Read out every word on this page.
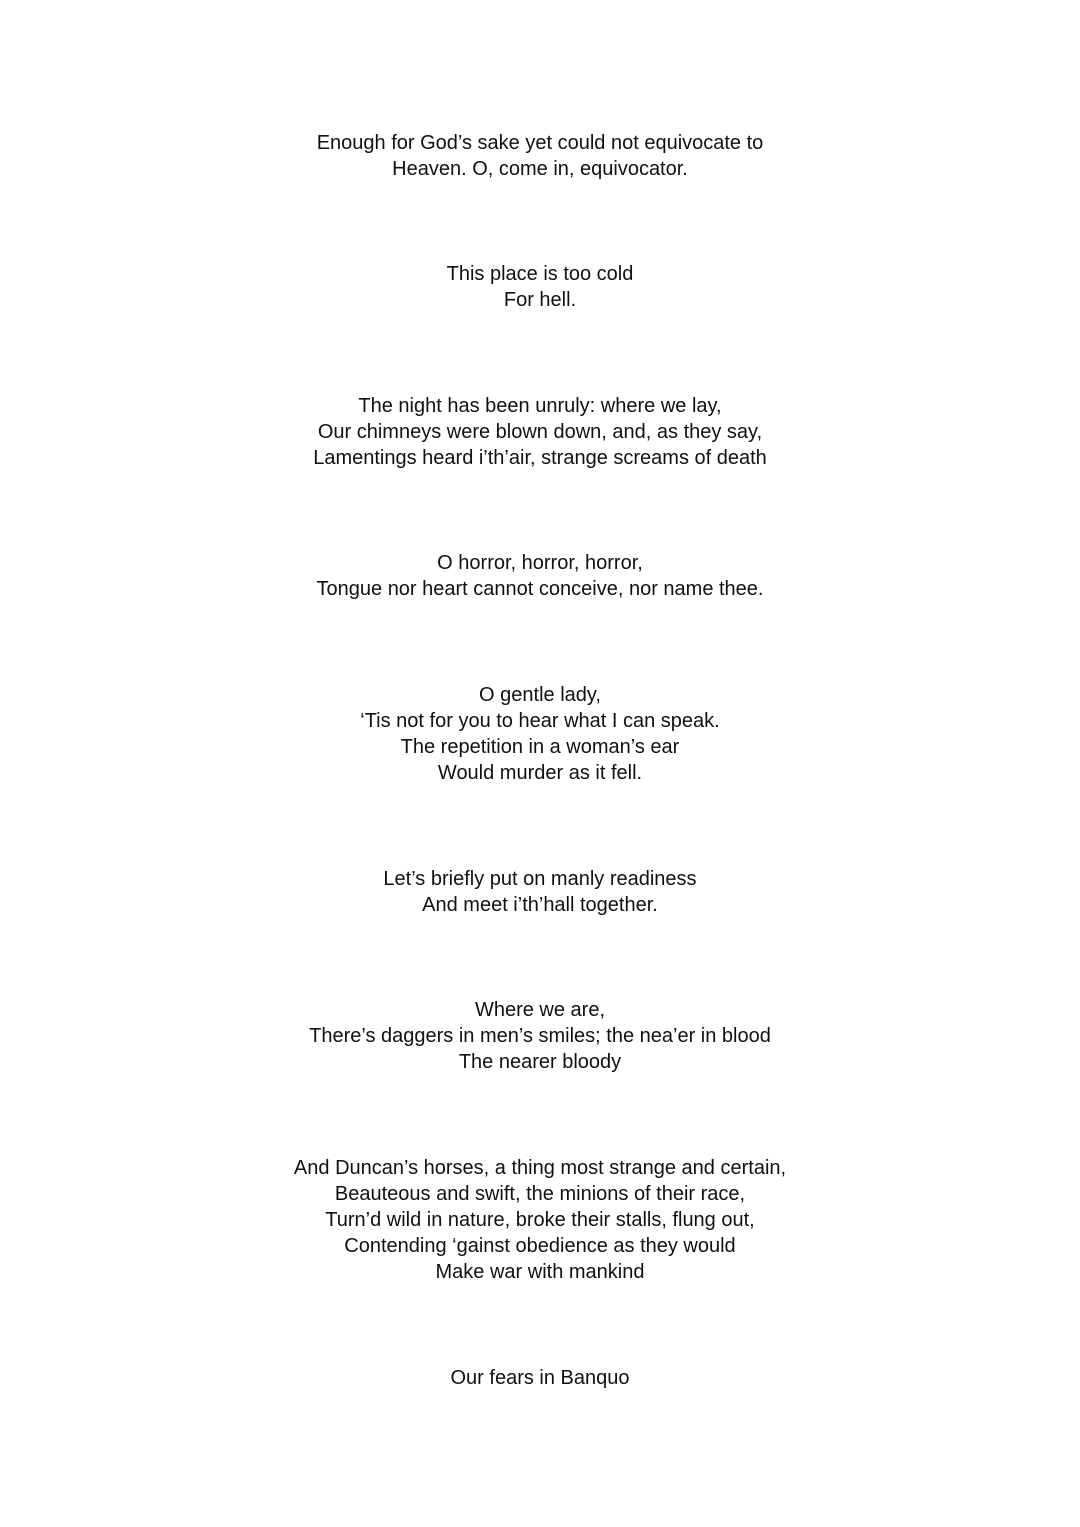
Enough for God’s sake yet could not equivocate to
Heaven. O, come in, equivocator.
This place is too cold
For hell.
The night has been unruly: where we lay,
Our chimneys were blown down, and, as they say,
Lamentings heard i’th’air, strange screams of death
O horror, horror, horror,
Tongue nor heart cannot conceive, nor name thee.
O gentle lady,
‘Tis not for you to hear what I can speak.
The repetition in a woman’s ear
Would murder as it fell.
Let’s briefly put on manly readiness
And meet i’th’hall together.
Where we are,
There’s daggers in men’s smiles; the nea’er in blood
The nearer bloody
And Duncan’s horses, a thing most strange and certain,
Beauteous and swift, the minions of their race,
Turn’d wild in nature, broke their stalls, flung out,
Contending ‘gainst obedience as they would
Make war with mankind
Our fears in Banquo
